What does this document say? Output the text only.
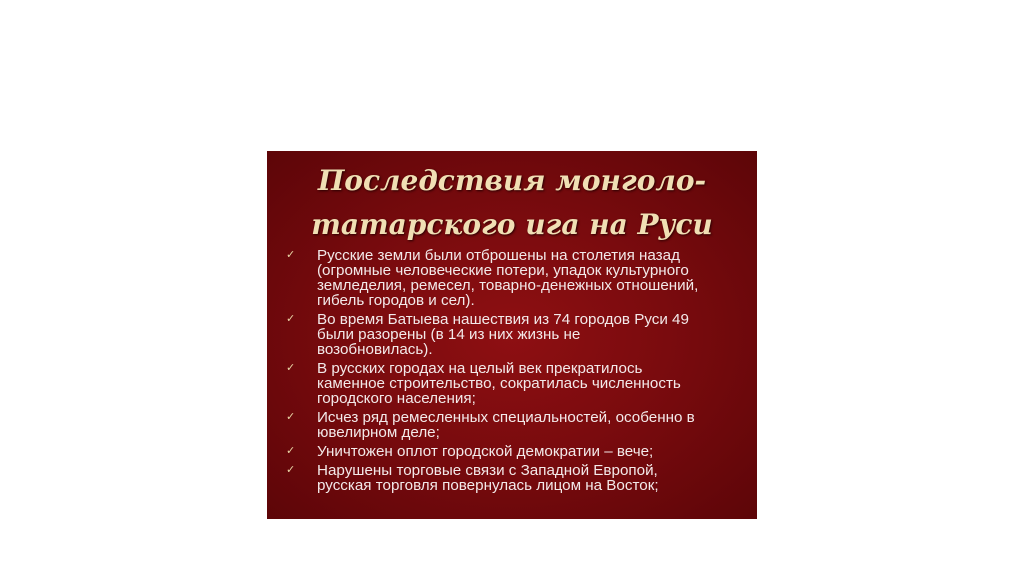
Последствия монголо-
татарского ига на Руси
✓ Русские земли были отброшены на столетия назад
(огромные человеческие потери, упадок культурного
земледелия, ремесел, товарно-денежных отношений,
гибель городов и сел).
✓ Во время Батыева нашествия из 74 городов Руси 49
были разорены (в 14 из них жизнь не
возобновилась).
✓ В русских городах на целый век прекратилось
каменное строительство, сократилась численность
городского населения;
✓ Исчез ряд ремесленных специальностей, особенно в
ювелирном деле;
✓ Уничтожен оплот городской демократии – вече;
✓ Нарушены торговые связи с Западной Европой,
русская торговля повернулась лицом на Восток;
